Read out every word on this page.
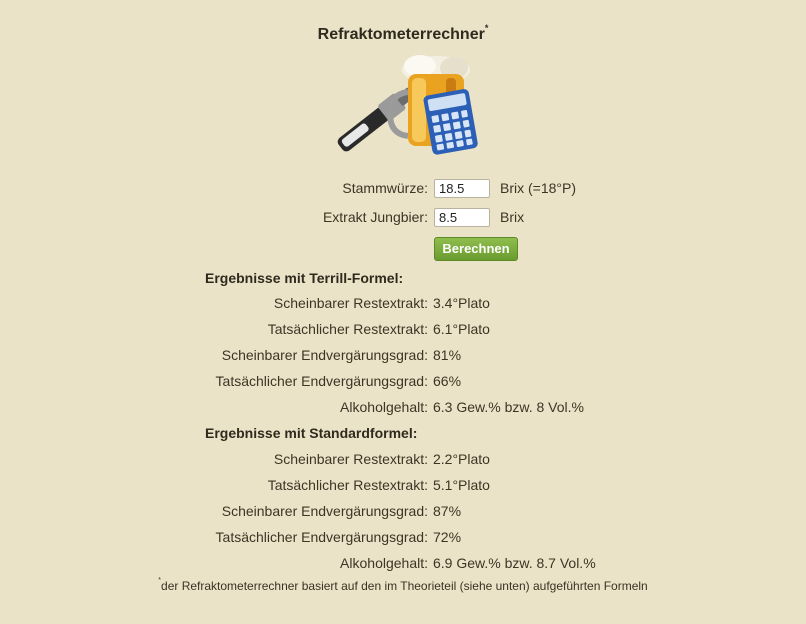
Refraktometerrechner*
Stammwürze:
18.5	Brix (=18°P)
Extrakt Jungbier:
8.5	Brix
Berechnen
Ergebnisse mit Terrill-Formel:
Scheinbarer Restextrakt: 3.4°Plato
Tatsächlicher Restextrakt: 6.1°Plato
Scheinbarer Endvergärungsgrad: 81%
Tatsächlicher Endvergärungsgrad: 66%
Alkoholgehalt: 6.3 Gew.% bzw. 8 Vol.%
Ergebnisse mit Standardformel:
Scheinbarer Restextrakt: 2.2°Plato
Tatsächlicher Restextrakt: 5.1°Plato
Scheinbarer Endvergärungsgrad: 87%
Tatsächlicher Endvergärungsgrad: 72%
Alkoholgehalt: 6.9 Gew.% bzw. 8.7 Vol.%
*der Refraktometerrechner basiert auf den im Theorieteil (siehe unten) aufgeführten Formeln
